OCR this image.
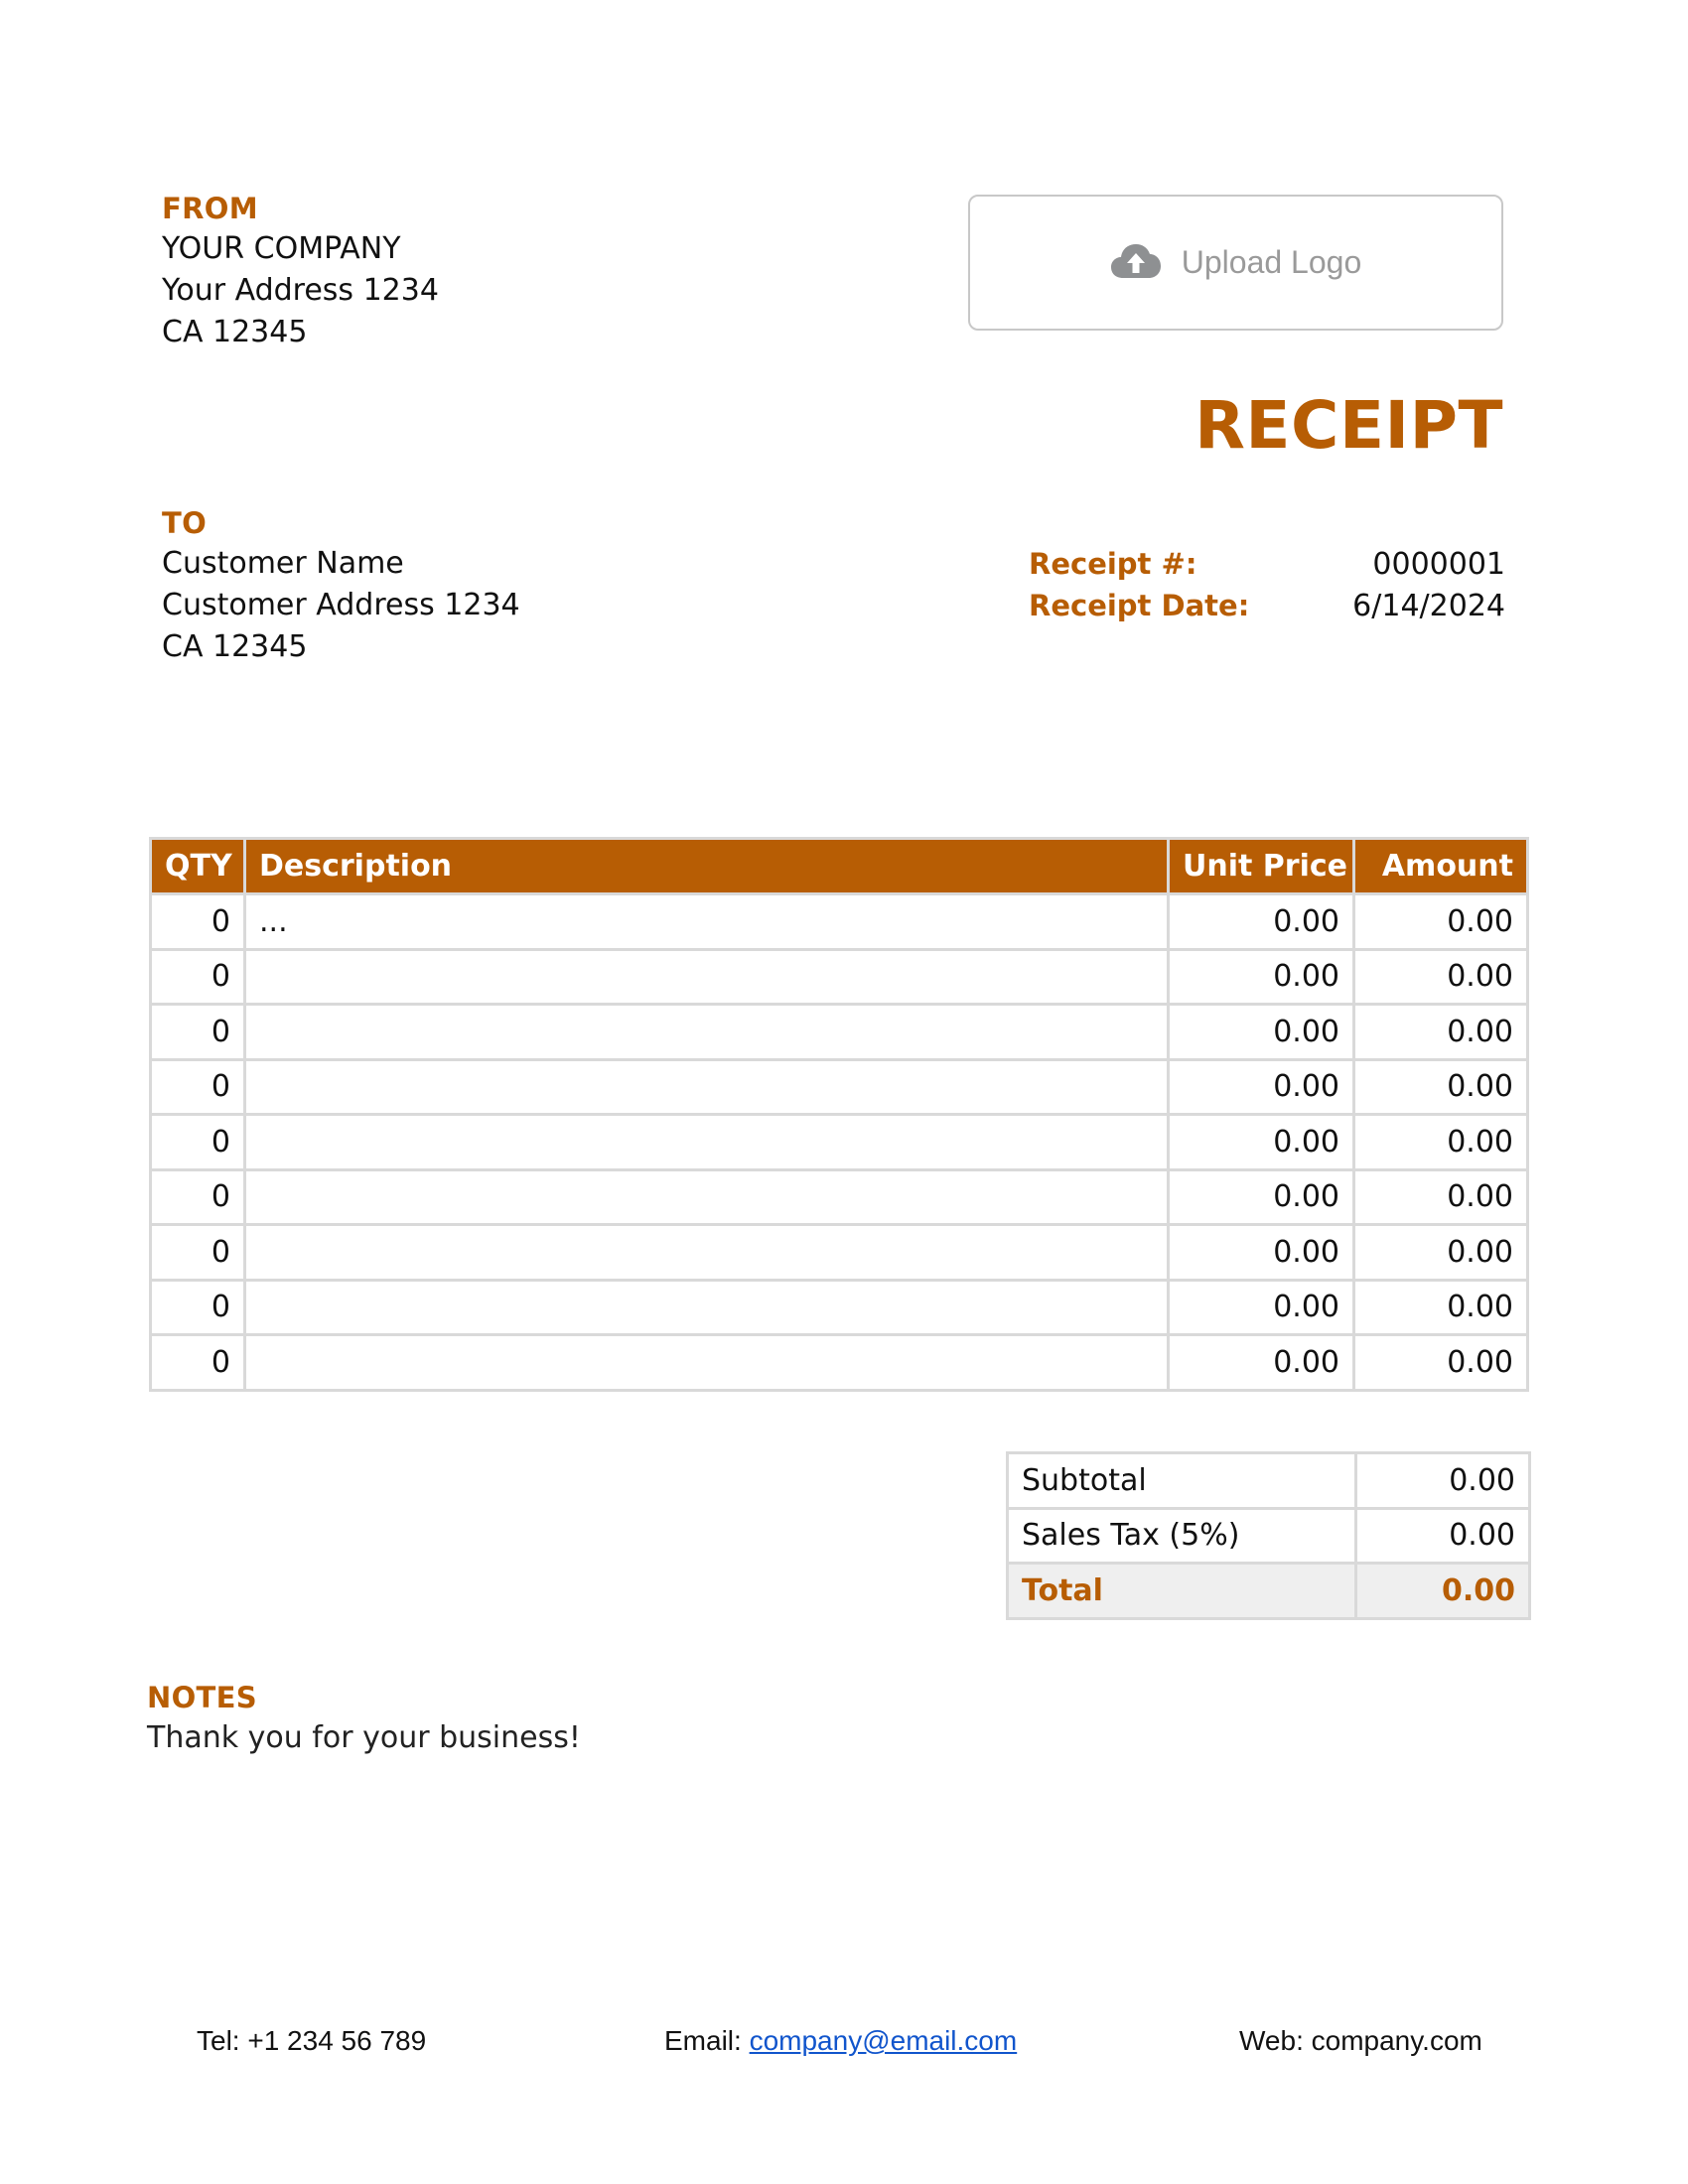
FROM
YOUR COMPANY
Your Address 1234
CA 12345
Upload Logo
RECEIPT
TO
Customer Name
Customer Address 1234
CA 12345
Receipt #:	0000001
Receipt Date:	6/14/2024
QTY	Description	Unit Price	Amount
0	...	0.00	0.00
0		0.00	0.00
0		0.00	0.00
0		0.00	0.00
0		0.00	0.00
0		0.00	0.00
0		0.00	0.00
0		0.00	0.00
0		0.00	0.00
Subtotal	0.00
Sales Tax (5%)	0.00
Total	0.00
NOTES
Thank you for your business!
Tel: +1 234 56 789	Email: company@email.com	Web: company.com
